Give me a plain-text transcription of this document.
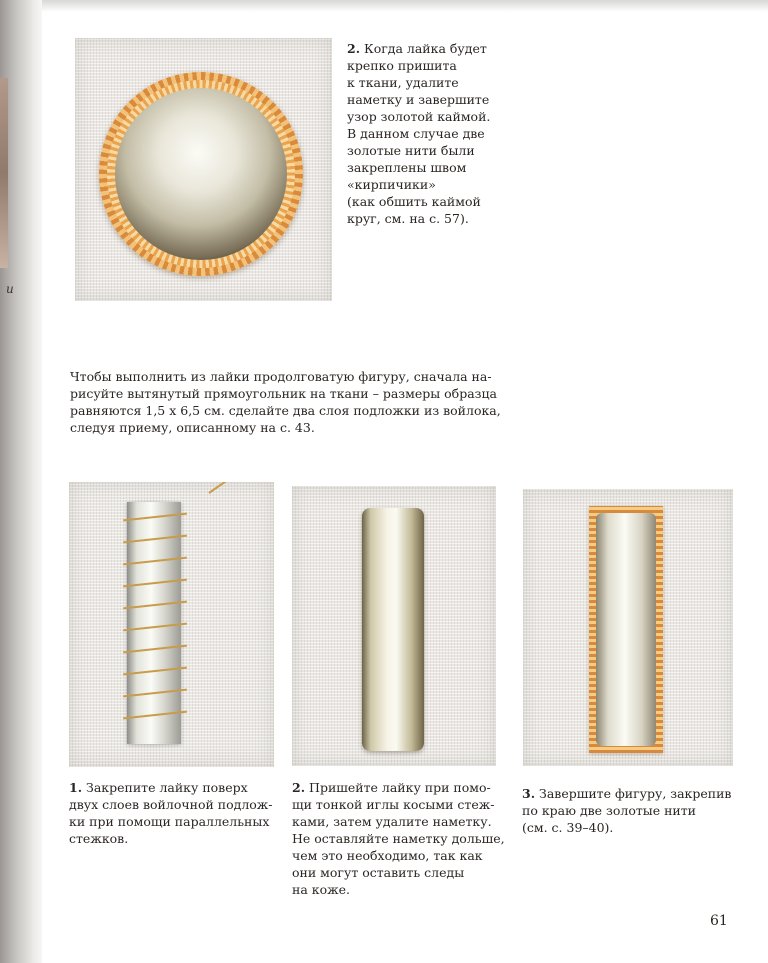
и

2. Когда лайка будет
крепко пришита
к ткани, удалите
наметку и завершите
узор золотой каймой.
В данном случае две
золотые нити были
закреплены швом
«кирпичики»
(как обшить каймой
круг, см. на с. 57).

Чтобы выполнить из лайки продолговатую фигуру, сначала на-
рисуйте вытянутый прямоугольник на ткани – размеры образца
равняются 1,5 х 6,5 см. сделайте два слоя подложки из войлока,
следуя приему, описанному на с. 43.

1. Закрепите лайку поверх
двух слоев войлочной подлож-
ки при помощи параллельных
стежков.

2. Пришейте лайку при помо-
щи тонкой иглы косыми стеж-
ками, затем удалите наметку.
Не оставляйте наметку дольше,
чем это необходимо, так как
они могут оставить следы
на коже.

3. Завершите фигуру, закрепив
по краю две золотые нити
(см. с. 39–40).

61
